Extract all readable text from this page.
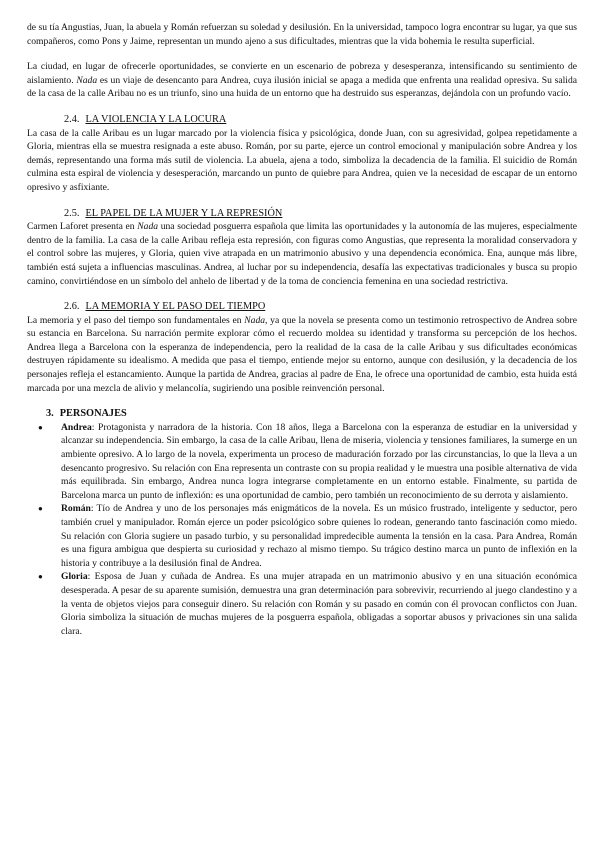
de su tía Angustias, Juan, la abuela y Román refuerzan su soledad y desilusión. En la universidad, tampoco logra encontrar su lugar, ya que sus compañeros, como Pons y Jaime, representan un mundo ajeno a sus dificultades, mientras que la vida bohemia le resulta superficial.

La ciudad, en lugar de ofrecerle oportunidades, se convierte en un escenario de pobreza y desesperanza, intensificando su sentimiento de aislamiento. Nada es un viaje de desencanto para Andrea, cuya ilusión inicial se apaga a medida que enfrenta una realidad opresiva. Su salida de la casa de la calle Aribau no es un triunfo, sino una huida de un entorno que ha destruido sus esperanzas, dejándola con un profundo vacío.

2.4. LA VIOLENCIA Y LA LOCURA

La casa de la calle Aribau es un lugar marcado por la violencia física y psicológica, donde Juan, con su agresividad, golpea repetidamente a Gloria, mientras ella se muestra resignada a este abuso. Román, por su parte, ejerce un control emocional y manipulación sobre Andrea y los demás, representando una forma más sutil de violencia. La abuela, ajena a todo, simboliza la decadencia de la familia. El suicidio de Román culmina esta espiral de violencia y desesperación, marcando un punto de quiebre para Andrea, quien ve la necesidad de escapar de un entorno opresivo y asfixiante.

2.5. EL PAPEL DE LA MUJER Y LA REPRESIÓN

Carmen Laforet presenta en Nada una sociedad posguerra española que limita las oportunidades y la autonomía de las mujeres, especialmente dentro de la familia. La casa de la calle Aribau refleja esta represión, con figuras como Angustias, que representa la moralidad conservadora y el control sobre las mujeres, y Gloria, quien vive atrapada en un matrimonio abusivo y una dependencia económica. Ena, aunque más libre, también está sujeta a influencias masculinas. Andrea, al luchar por su independencia, desafía las expectativas tradicionales y busca su propio camino, convirtiéndose en un símbolo del anhelo de libertad y de la toma de conciencia femenina en una sociedad restrictiva.

2.6. LA MEMORIA Y EL PASO DEL TIEMPO

La memoria y el paso del tiempo son fundamentales en Nada, ya que la novela se presenta como un testimonio retrospectivo de Andrea sobre su estancia en Barcelona. Su narración permite explorar cómo el recuerdo moldea su identidad y transforma su percepción de los hechos. Andrea llega a Barcelona con la esperanza de independencia, pero la realidad de la casa de la calle Aribau y sus dificultades económicas destruyen rápidamente su idealismo. A medida que pasa el tiempo, entiende mejor su entorno, aunque con desilusión, y la decadencia de los personajes refleja el estancamiento. Aunque la partida de Andrea, gracias al padre de Ena, le ofrece una oportunidad de cambio, esta huida está marcada por una mezcla de alivio y melancolía, sugiriendo una posible reinvención personal.

3. PERSONAJES
● Andrea: Protagonista y narradora de la historia. Con 18 años, llega a Barcelona con la esperanza de estudiar en la universidad y alcanzar su independencia. Sin embargo, la casa de la calle Aribau, llena de miseria, violencia y tensiones familiares, la sumerge en un ambiente opresivo. A lo largo de la novela, experimenta un proceso de maduración forzado por las circunstancias, lo que la lleva a un desencanto progresivo. Su relación con Ena representa un contraste con su propia realidad y le muestra una posible alternativa de vida más equilibrada. Sin embargo, Andrea nunca logra integrarse completamente en un entorno estable. Finalmente, su partida de Barcelona marca un punto de inflexión: es una oportunidad de cambio, pero también un reconocimiento de su derrota y aislamiento.
● Román: Tío de Andrea y uno de los personajes más enigmáticos de la novela. Es un músico frustrado, inteligente y seductor, pero también cruel y manipulador. Román ejerce un poder psicológico sobre quienes lo rodean, generando tanto fascinación como miedo. Su relación con Gloria sugiere un pasado turbio, y su personalidad impredecible aumenta la tensión en la casa. Para Andrea, Román es una figura ambigua que despierta su curiosidad y rechazo al mismo tiempo. Su trágico destino marca un punto de inflexión en la historia y contribuye a la desilusión final de Andrea.
● Gloria: Esposa de Juan y cuñada de Andrea. Es una mujer atrapada en un matrimonio abusivo y en una situación económica desesperada. A pesar de su aparente sumisión, demuestra una gran determinación para sobrevivir, recurriendo al juego clandestino y a la venta de objetos viejos para conseguir dinero. Su relación con Román y su pasado en común con él provocan conflictos con Juan. Gloria simboliza la situación de muchas mujeres de la posguerra española, obligadas a soportar abusos y privaciones sin una salida clara.
